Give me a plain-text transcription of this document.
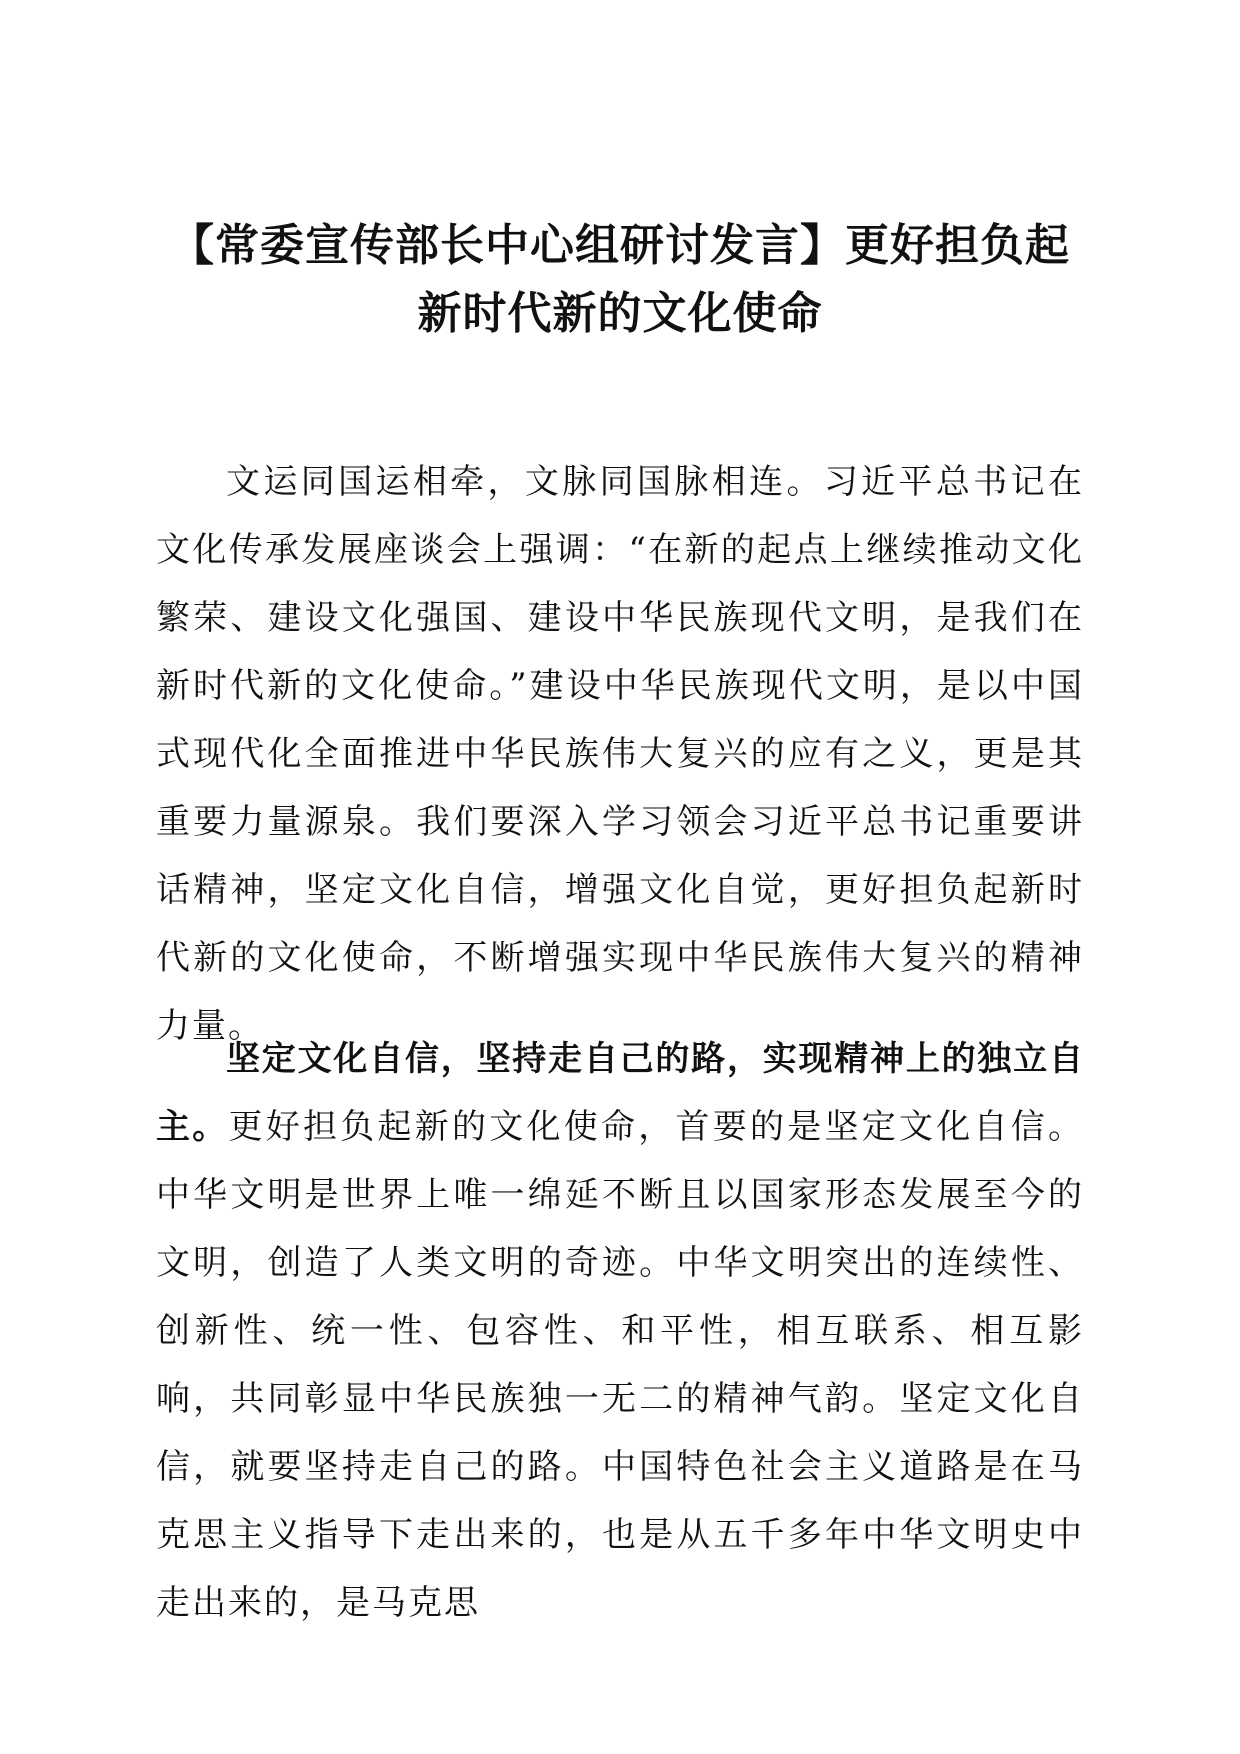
【常委宣传部长中心组研讨发言】更好担负起
新时代新的文化使命

文运同国运相牵，文脉同国脉相连。习近平总书记在文化传承发展座谈会上强调：“在新的起点上继续推动文化繁荣、建设文化强国、建设中华民族现代文明，是我们在新时代新的文化使命。”建设中华民族现代文明，是以中国式现代化全面推进中华民族伟大复兴的应有之义，更是其重要力量源泉。我们要深入学习领会习近平总书记重要讲话精神，坚定文化自信，增强文化自觉，更好担负起新时代新的文化使命，不断增强实现中华民族伟大复兴的精神力量。

坚定文化自信，坚持走自己的路，实现精神上的独立自主。更好担负起新的文化使命，首要的是坚定文化自信。中华文明是世界上唯一绵延不断且以国家形态发展至今的文明，创造了人类文明的奇迹。中华文明突出的连续性、创新性、统一性、包容性、和平性，相互联系、相互影响，共同彰显中华民族独一无二的精神气韵。坚定文化自信，就要坚持走自己的路。中国特色社会主义道路是在马克思主义指导下走出来的，也是从五千多年中华文明史中走出来的，是马克思
